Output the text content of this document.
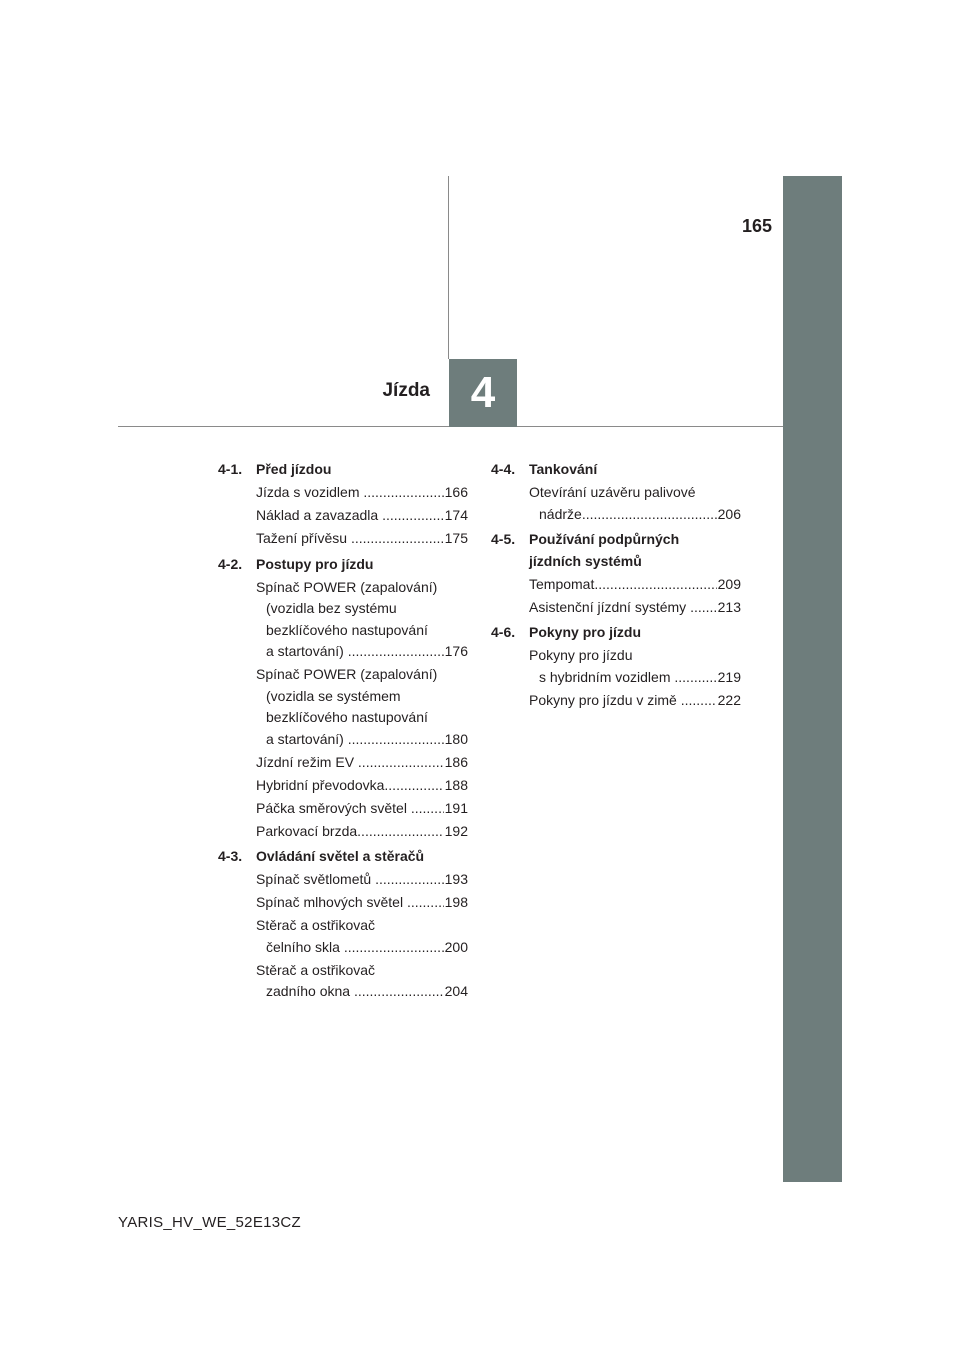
165
4
Jízda
4-1. Před jízdou
Jízda s vozidlem .....	166
Náklad a zavazadla .....	174
Tažení přívěsu .....	175
4-2. Postupy pro jízdu
Spínač POWER (zapalování)
(vozidla bez systému
bezklíčového nastupování
a startování) .....	176
Spínač POWER (zapalování)
(vozidla se systémem
bezklíčového nastupování
a startování) .....	180
Jízdní režim EV .....	186
Hybridní převodovka .....	188
Páčka směrových světel ..... 191
Parkovací brzda .....	192
4-3. Ovládání světel a stěračů
Spínač světlometů .....	193
Spínač mlhových světel .....	198
Stěrač a ostřikovač
čelního skla .....	200
Stěrač a ostřikovač
zadního okna .....	204
4-4. Tankování
Otevírání uzávěru palivové
nádrže .....	206
4-5. Používání podpůrných
jízdních systémů
Tempomat .....	209
Asistenční jízdní systémy ..... 213
4-6. Pokyny pro jízdu
Pokyny pro jízdu
s hybridním vozidlem .....	219
Pokyny pro jízdu v zimě .....	222
YARIS_HV_WE_52E13CZ
